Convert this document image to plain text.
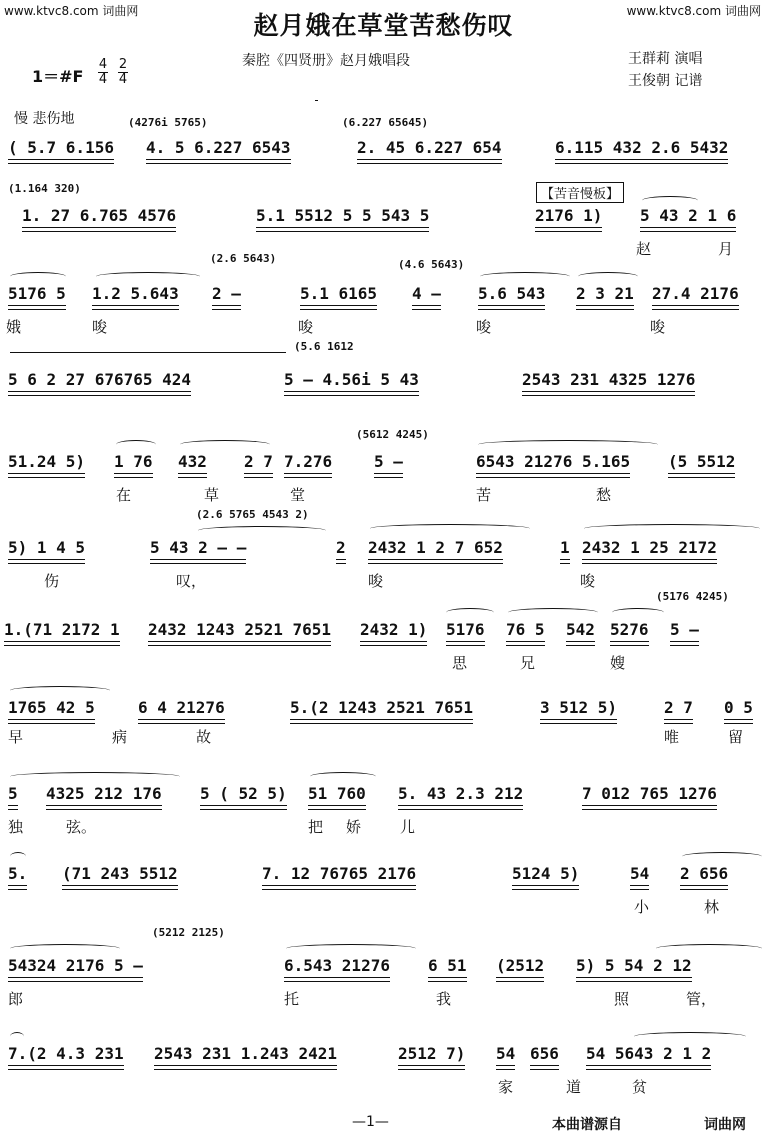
www.ktvc8.com 词曲网	www.ktvc8.com 词曲网
赵月娥在草堂苦愁伤叹
秦腔《四贤册》赵月娥唱段	王群莉 演唱
王俊朝 记谱
1＝#F
4
4
2
4
慢 悲伤地	(4276i 5765)	(6.227 65645)
( 5.7 6.156 4. 5 6.227 6543	2. 45 6.227 654	6.115 432 2.6 5432
(1.164 320)	【苦音慢板】
1. 27 6.765 4576	5.1 5512 5 5 543 5	2176 1) 5 43 2 1 6
赵	月
(2.6 5643)	(4.6 5643)
5176 5 1.2 5.643 2 —	5.1 6165 4 — 5.6 543 2 3 21 27.4 2176
娥	唆	唆	唆	唆
(5.6 1612
5 6 2 27 676765 424	5 — 4.56i 5 43	2543 231 4325 1276
(5612 4245)
51.24 5) 1 76 432 2 7 7.276	5 —	6543 21276 5.165 (5 5512
在	草	堂	苦	愁
(2.6 5765 4543 2)
5) 1 4 5	5 43 2 — —	2 2432 1 2 7 652	1 2432 1 25 2172
伤	叹，	唆	唆
(5176 4245)
1.(71 2172 1 2432 1243 2521 7651 2432 1) 5176 76 5 542 5276 5 —
思	兄	嫂
1765 42 5	6 4 21276	5.(2 1243 2521 7651	3 512 5)	2 7 0 5
早	病	故	唯	留
5 4325 212 176 5 ( 52 5) 51 760 5. 43 2.3 212	7 012 765 1276
独	弦。	把 娇	儿
5. (71 243 5512	7. 12 76765 2176	5124 5)	54 2 656
小	林
(5212 2125)
54324 2176 5 —	6.543 21276 6 51 (2512 5) 5 54 2 12
郎	托	我	照	管，
7.(2 4.3 231 2543 231 1.243 2421	2512 7) 54 656 54 5643 2 1 2
家	道	贫
—1—	本曲谱源自	词曲网
